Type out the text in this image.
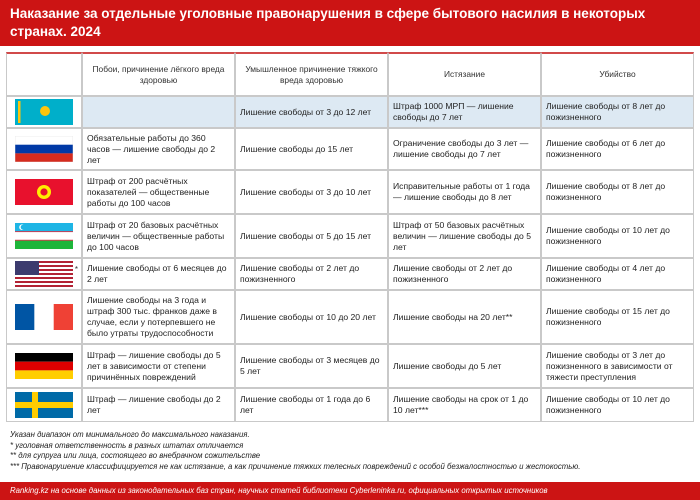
Наказание за отдельные уголовные правонарушения в сфере бытового насилия в некоторых странах. 2024
	Побои, причинение лёгкого вреда здоровью	Умышленное причинение тяжкого вреда здоровью	Истязание	Убийство

		Лишение свободы от 3 до 12 лет	Штраф 1000 МРП — лишение свободы до 7 лет	Лишение свободы от 8 лет до пожизненного

	Обязательные работы до 360 часов — лишение свободы до 2 лет	Лишение свободы до 15 лет	Ограничение свободы до 3 лет — лишение свободы до 7 лет	Лишение свободы от 6 лет до пожизненного

	Штраф от 200 расчётных показателей — общественные работы до 100 часов	Лишение свободы от 3 до 10 лет	Исправительные работы от 1 года — лишение свободы до 8 лет	Лишение свободы от 8 лет до пожизненного

	Штраф от 20 базовых расчётных величин — общественные работы до 100 часов	Лишение свободы от 5 до 15 лет	Штраф от 50 базовых расчётных величин — лишение свободы до 5 лет	Лишение свободы от 10 лет до пожизненного

*	Лишение свободы от 6 месяцев до 2 лет	Лишение свободы от 2 лет до пожизненного	Лишение свободы от 2 лет до пожизненного	Лишение свободы от 4 лет до пожизненного

	Лишение свободы на 3 года и штраф 300 тыс. франков даже в случае, если у потерпевшего не было утраты трудоспособности	Лишение свободы от 10 до 20 лет	Лишение свободы на 20 лет**	Лишение свободы от 15 лет до пожизненного

	Штраф — лишение свободы до 5 лет в зависимости от степени причинённых повреждений	Лишение свободы от 3 месяцев до 5 лет	Лишение свободы до 5 лет	Лишение свободы от 3 лет до пожизненного в зависимости от тяжести преступления

	Штраф — лишение свободы до 2 лет	Лишение свободы от 1 года до 6 лет	Лишение свободы на срок от 1 до 10 лет***	Лишение свободы от 10 лет до пожизненного
Указан диапазон от минимального до максимального наказания.
* уголовная ответственность в разных штатах отличается
** для супруга или лица, состоящего во внебрачном сожительстве
*** Правонарушение классифицируется не как истязание, а как причинение тяжких телесных повреждений с особой безжалостностью и жестокостью.
Ranking.kz на основе данных из законодательных баз стран, научных статей библиотеки Cyberleninka.ru, официальных открытых источников
